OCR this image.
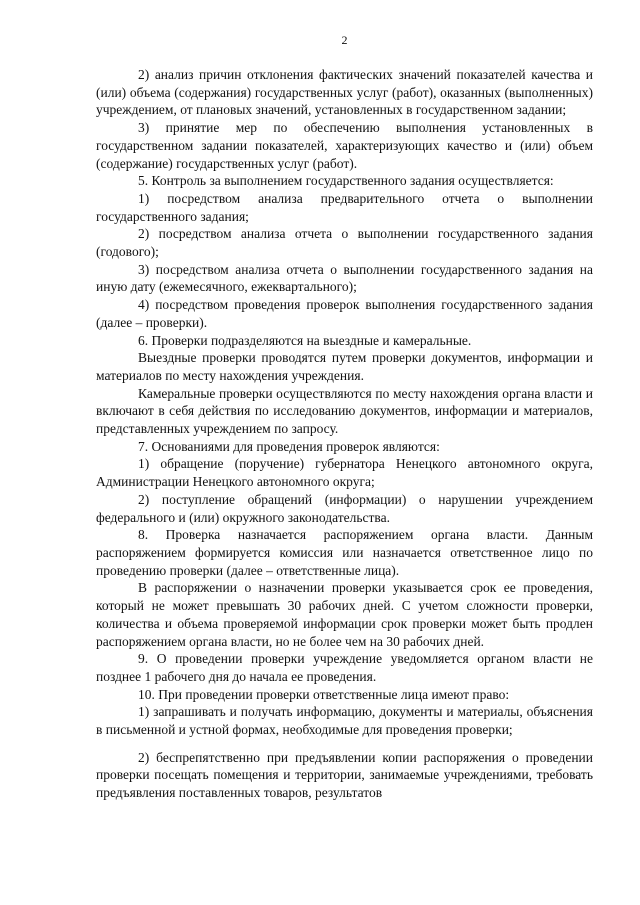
2

2) анализ причин отклонения фактических значений показателей качества и (или) объема (содержания) государственных услуг (работ), оказанных (выполненных) учреждением, от плановых значений, установленных в государственном задании;

3) принятие мер по обеспечению выполнения установленных в государственном задании показателей, характеризующих качество и (или) объем (содержание) государственных услуг (работ).

5. Контроль за выполнением государственного задания осуществляется:

1) посредством анализа предварительного отчета о выполнении государственного задания;

2) посредством анализа отчета о выполнении государственного задания (годового);

3) посредством анализа отчета о выполнении государственного задания на иную дату (ежемесячного, ежеквартального);

4) посредством проведения проверок выполнения государственного задания (далее – проверки).

6. Проверки подразделяются на выездные и камеральные.

Выездные проверки проводятся путем проверки документов, информации и материалов по месту нахождения учреждения.

Камеральные проверки осуществляются по месту нахождения органа власти и включают в себя действия по исследованию документов, информации и материалов, представленных учреждением по запросу.

7. Основаниями для проведения проверок являются:

1) обращение (поручение) губернатора Ненецкого автономного округа, Администрации Ненецкого автономного округа;

2) поступление обращений (информации) о нарушении учреждением федерального и (или) окружного законодательства.

8. Проверка назначается распоряжением органа власти. Данным распоряжением формируется комиссия или назначается ответственное лицо по проведению проверки (далее – ответственные лица).

В распоряжении о назначении проверки указывается срок ее проведения, который не может превышать 30 рабочих дней. С учетом сложности проверки, количества и объема проверяемой информации срок проверки может быть продлен распоряжением органа власти, но не более чем на 30 рабочих дней.

9. О проведении проверки учреждение уведомляется органом власти не позднее 1 рабочего дня до начала ее проведения.

10. При проведении проверки ответственные лица имеют право:

1) запрашивать и получать информацию, документы и материалы, объяснения в письменной и устной формах, необходимые для проведения проверки;

2) беспрепятственно при предъявлении копии распоряжения о проведении проверки посещать помещения и территории, занимаемые учреждениями, требовать предъявления поставленных товаров, результатов
